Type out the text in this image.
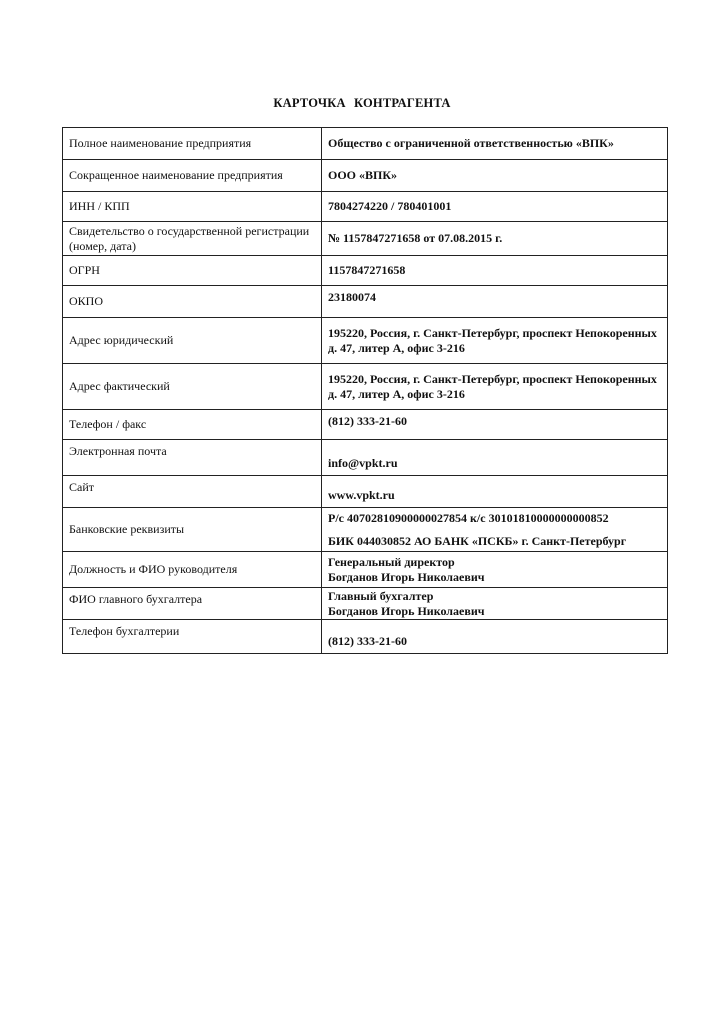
КАРТОЧКА КОНТРАГЕНТА
Полное наименование предприятия	Общество с ограниченной ответственностью «ВПК»
Сокращенное наименование предприятия	ООО «ВПК»
ИНН / КПП	7804274220 / 780401001
Свидетельство о государственной регистрации (номер, дата)	№ 1157847271658 от 07.08.2015 г.
ОГРН	1157847271658
ОКПО	23180074
Адрес юридический	195220, Россия, г. Санкт-Петербург, проспект Непокоренных д. 47, литер А, офис 3-216
Адрес фактический	195220, Россия, г. Санкт-Петербург, проспект Непокоренных д. 47, литер А, офис 3-216
Телефон / факс	(812) 333-21-60
Электронная почта	info@vpkt.ru
Сайт	www.vpkt.ru
Банковские реквизиты	Р/с 40702810900000027854 к/с 30101810000000000852
БИК 044030852 АО БАНК «ПСКБ» г. Санкт-Петербург

Должность и ФИО руководителя	Генеральный директор
Богданов Игорь Николаевич

ФИО главного бухгалтера	Главный бухгалтер
Богданов Игорь Николаевич

Телефон бухгалтерии	(812) 333-21-60
